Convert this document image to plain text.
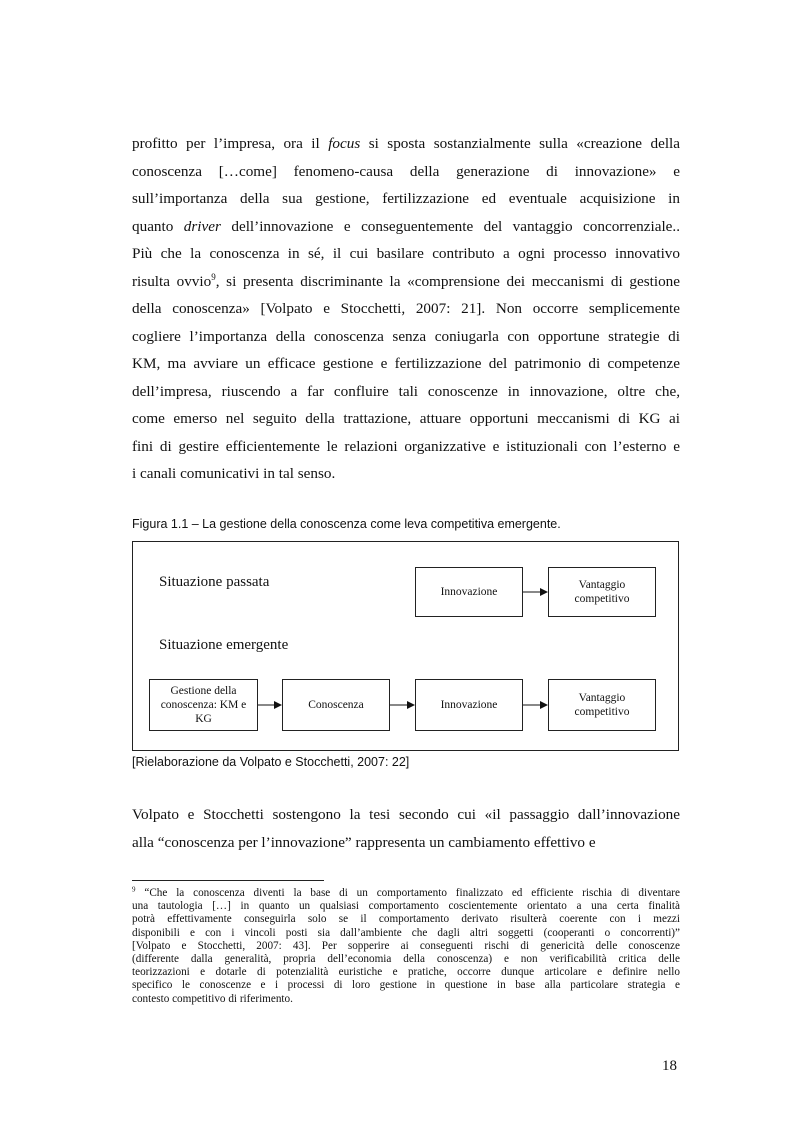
profitto per l’impresa, ora il focus si sposta sostanzialmente sulla «creazione della
conoscenza […come] fenomeno-causa della generazione di innovazione» e
sull’importanza della sua gestione, fertilizzazione ed eventuale acquisizione in
quanto driver dell’innovazione e conseguentemente del vantaggio concorrenziale..
Più che la conoscenza in sé, il cui basilare contributo a ogni processo innovativo
risulta ovvio$^9$, si presenta discriminante la «comprensione dei meccanismi di gestione
della conoscenza» [Volpato e Stocchetti, 2007: 21]. Non occorre semplicemente
cogliere l’importanza della conoscenza senza coniugarla con opportune strategie di
KM, ma avviare un efficace gestione e fertilizzazione del patrimonio di competenze
dell’impresa, riuscendo a far confluire tali conoscenze in innovazione, oltre che,
come emerso nel seguito della trattazione, attuare opportuni meccanismi di KG ai
fini di gestire efficientemente le relazioni organizzative e istituzionali con l’esterno e
i canali comunicativi in tal senso.
Figura 1.1 – La gestione della conoscenza come leva competitiva emergente.
Situazione passata
Situazione emergente
Innovazione
Vantaggio competitivo
Gestione della conoscenza: KM e KG
Conoscenza	Innovazione
Vantaggio competitivo
[Rielaborazione da Volpato e Stocchetti, 2007: 22]
Volpato e Stocchetti sostengono la tesi secondo cui «il passaggio dall’innovazione
alla “conoscenza per l’innovazione” rappresenta un cambiamento effettivo e
$^9$ “Che la conoscenza diventi la base di un comportamento finalizzato ed efficiente rischia di diventare
una tautologia […] in quanto un qualsiasi comportamento coscientemente orientato a una certa finalità
potrà effettivamente conseguirla solo se il comportamento derivato risulterà coerente con i mezzi
disponibili e con i vincoli posti sia dall’ambiente che dagli altri soggetti (cooperanti o concorrenti)”
[Volpato e Stocchetti, 2007: 43]. Per sopperire ai conseguenti rischi di genericità delle conoscenze
(differente dalla generalità, propria dell’economia della conoscenza) e non verificabilità critica delle
teorizzazioni e dotarle di potenzialità euristiche e pratiche, occorre dunque articolare e definire nello
specifico le conoscenze e i processi di loro gestione in questione in base alla particolare strategia e
contesto competitivo di riferimento.
18
